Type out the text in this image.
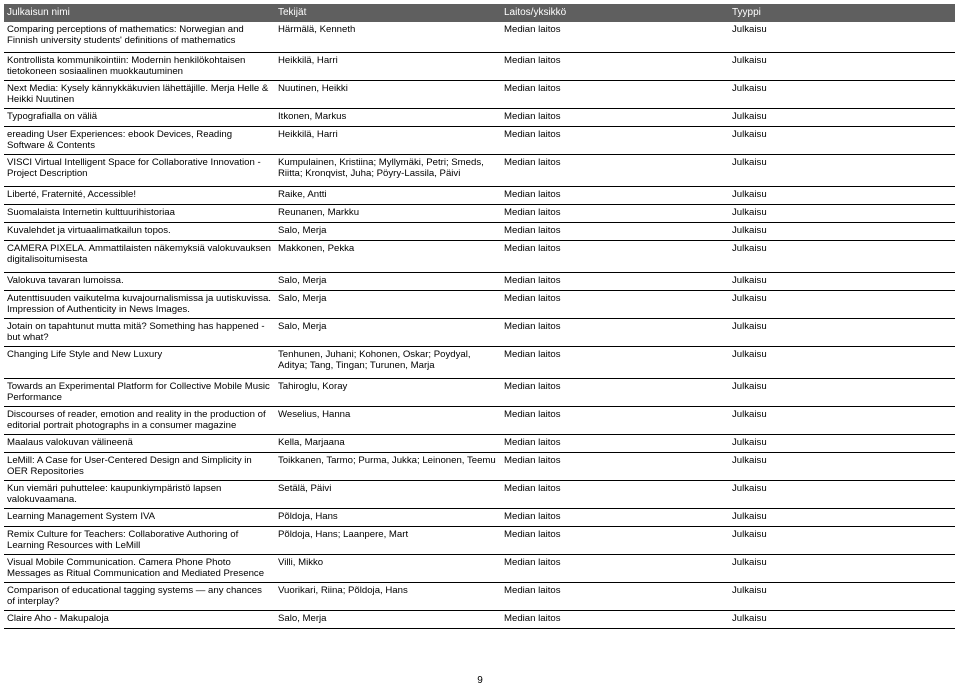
Julkaisun nimi	Tekijät	Laitos/yksikkö	Tyyppi
Comparing perceptions of mathematics: Norwegian and Finnish university students' definitions of mathematics	Härmälä, Kenneth	Median laitos	Julkaisu
Kontrollista kommunikointiin: Modernin henkilökohtaisen tietokoneen sosiaalinen muokkautuminen	Heikkilä, Harri	Median laitos	Julkaisu
Next Media: Kysely kännykkäkuvien lähettäjille. Merja Helle & Heikki Nuutinen	Nuutinen, Heikki	Median laitos	Julkaisu
Typografialla on väliä	Itkonen, Markus	Median laitos	Julkaisu
ereading User Experiences: ebook Devices, Reading Software & Contents	Heikkilä, Harri	Median laitos	Julkaisu
VISCI Virtual Intelligent Space for Collaborative Innovation - Project Description	Kumpulainen, Kristiina; Myllymäki, Petri; Smeds, Riitta; Kronqvist, Juha; Pöyry-Lassila, Päivi	Median laitos	Julkaisu
Liberté, Fraternité, Accessible!	Raike, Antti	Median laitos	Julkaisu
Suomalaista Internetin kulttuurihistoriaa	Reunanen, Markku	Median laitos	Julkaisu
Kuvalehdet ja virtuaalimatkailun topos.	Salo, Merja	Median laitos	Julkaisu
CAMERA PIXELA. Ammattilaisten näkemyksiä valokuvauksen digitalisoitumisesta	Makkonen, Pekka	Median laitos	Julkaisu
Valokuva tavaran lumoissa.	Salo, Merja	Median laitos	Julkaisu
Autenttisuuden vaikutelma kuvajournalismissa ja uutiskuvissa. Impression of Authenticity in News Images.	Salo, Merja	Median laitos	Julkaisu
Jotain on tapahtunut mutta mitä? Something has happened - but what?	Salo, Merja	Median laitos	Julkaisu
Changing Life Style and New Luxury	Tenhunen, Juhani; Kohonen, Oskar; Poydyal, Aditya; Tang, Tingan; Turunen, Marja	Median laitos	Julkaisu
Towards an Experimental Platform for Collective Mobile Music Performance	Tahiroglu, Koray	Median laitos	Julkaisu
Discourses of reader, emotion and reality in the production of editorial portrait photographs in a consumer magazine	Weselius, Hanna	Median laitos	Julkaisu
Maalaus valokuvan välineenä	Kella, Marjaana	Median laitos	Julkaisu
LeMill: A Case for User-Centered Design and Simplicity in OER Repositories	Toikkanen, Tarmo; Purma, Jukka; Leinonen, Teemu	Median laitos	Julkaisu
Kun viemäri puhuttelee: kaupunkiympäristö lapsen valokuvaamana.	Setälä, Päivi	Median laitos	Julkaisu
Learning Management System IVA	Põldoja, Hans	Median laitos	Julkaisu
Remix Culture for Teachers: Collaborative Authoring of Learning Resources with LeMill	Põldoja, Hans; Laanpere, Mart	Median laitos	Julkaisu
Visual Mobile Communication. Camera Phone Photo Messages as Ritual Communication and Mediated Presence	Villi, Mikko	Median laitos	Julkaisu
Comparison of educational tagging systems — any chances of interplay?	Vuorikari, Riina; Põldoja, Hans	Median laitos	Julkaisu
Claire Aho - Makupaloja	Salo, Merja	Median laitos	Julkaisu
9
